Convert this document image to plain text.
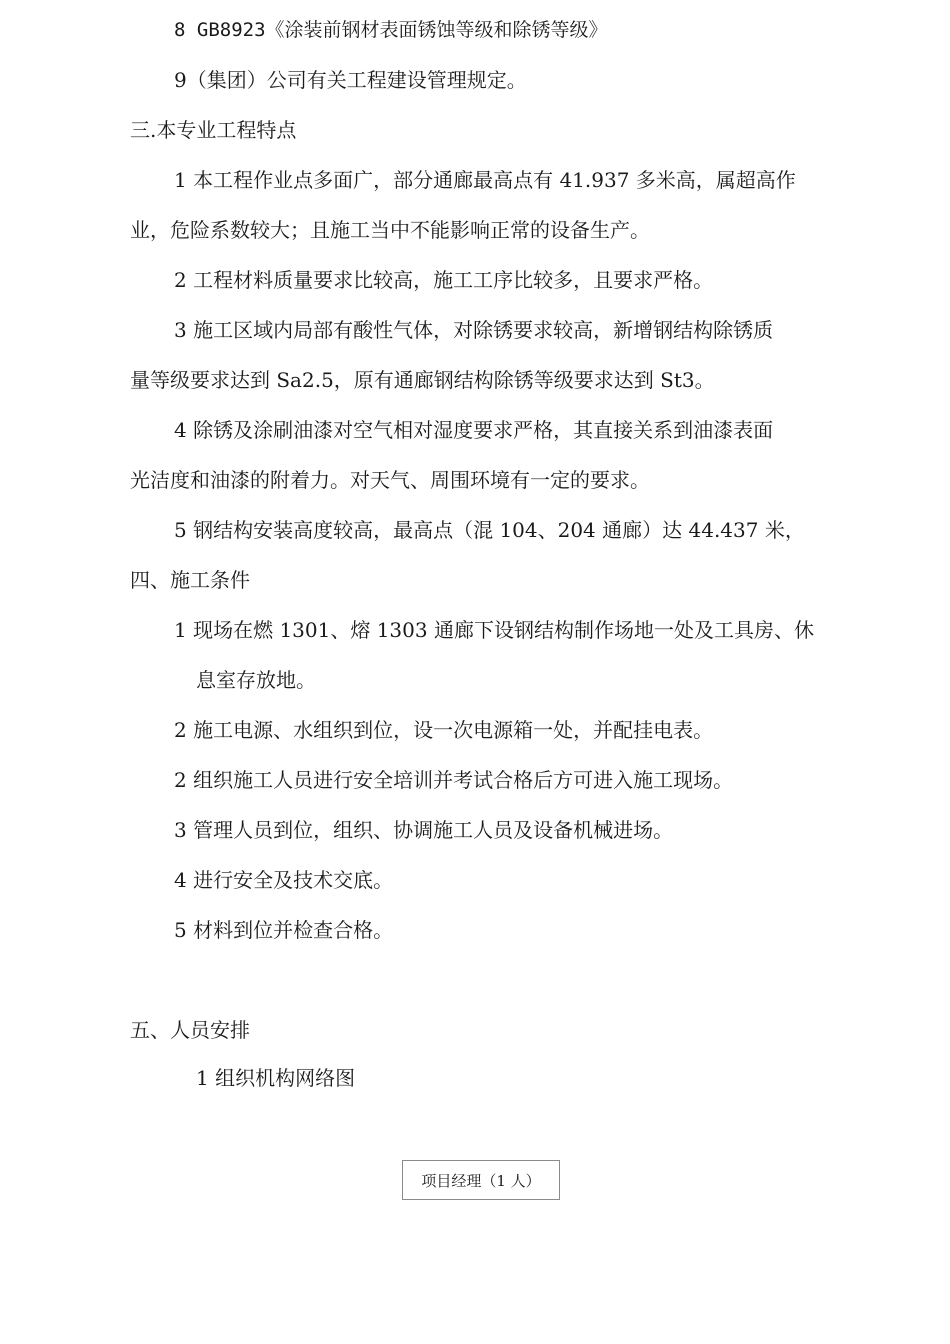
8 GB8923《涂装前钢材表面锈蚀等级和除锈等级》
9（集团）公司有关工程建设管理规定。
三.本专业工程特点
1 本工程作业点多面广，部分通廊最高点有 41.937 多米高，属超高作
业，危险系数较大；且施工当中不能影响正常的设备生产。
2 工程材料质量要求比较高，施工工序比较多，且要求严格。
3 施工区域内局部有酸性气体，对除锈要求较高，新增钢结构除锈质
量等级要求达到 Sa2.5，原有通廊钢结构除锈等级要求达到 St3。
4 除锈及涂刷油漆对空气相对湿度要求严格，其直接关系到油漆表面
光洁度和油漆的附着力。对天气、周围环境有一定的要求。
5 钢结构安装高度较高，最高点（混 104、204 通廊）达 44.437 米，
四、施工条件
1 现场在燃 1301、熔 1303 通廊下设钢结构制作场地一处及工具房、休
息室存放地。
2 施工电源、水组织到位，设一次电源箱一处，并配挂电表。
2 组织施工人员进行安全培训并考试合格后方可进入施工现场。
3 管理人员到位，组织、协调施工人员及设备机械进场。
4 进行安全及技术交底。
5 材料到位并检查合格。
五、人员安排
1 组织机构网络图
项目经理（1 人）
